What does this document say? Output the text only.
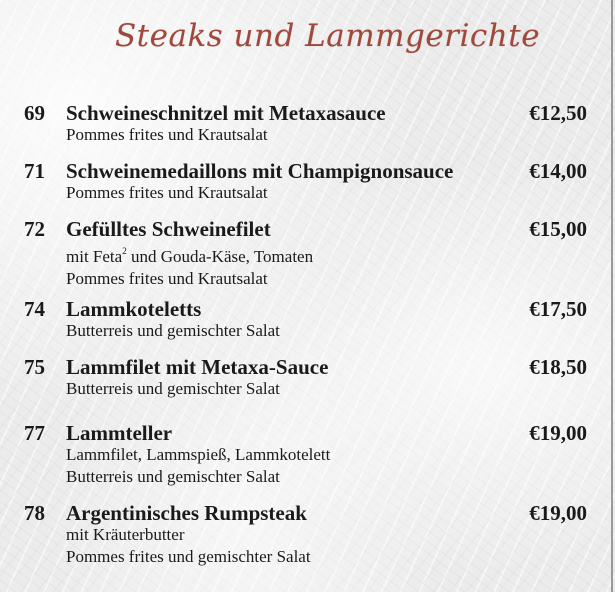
Steaks und Lammgerichte
69 Schweineschnitzel mit Metaxasauce	€12,50
Pommes frites und Krautsalat
71 Schweinemedaillons mit Champignonsauce	€14,00
Pommes frites und Krautsalat
72 Gefülltes Schweinefilet	€15,00
mit Feta$^2$ und Gouda-Käse, Tomaten
Pommes frites und Krautsalat
74 Lammkoteletts	€17,50
Butterreis und gemischter Salat
75 Lammfilet mit Metaxa-Sauce	€18,50
Butterreis und gemischter Salat
77 Lammteller	€19,00
Lammfilet, Lammspieß, Lammkotelett
Butterreis und gemischter Salat
78 Argentinisches Rumpsteak	€19,00
mit Kräuterbutter
Pommes frites und gemischter Salat
